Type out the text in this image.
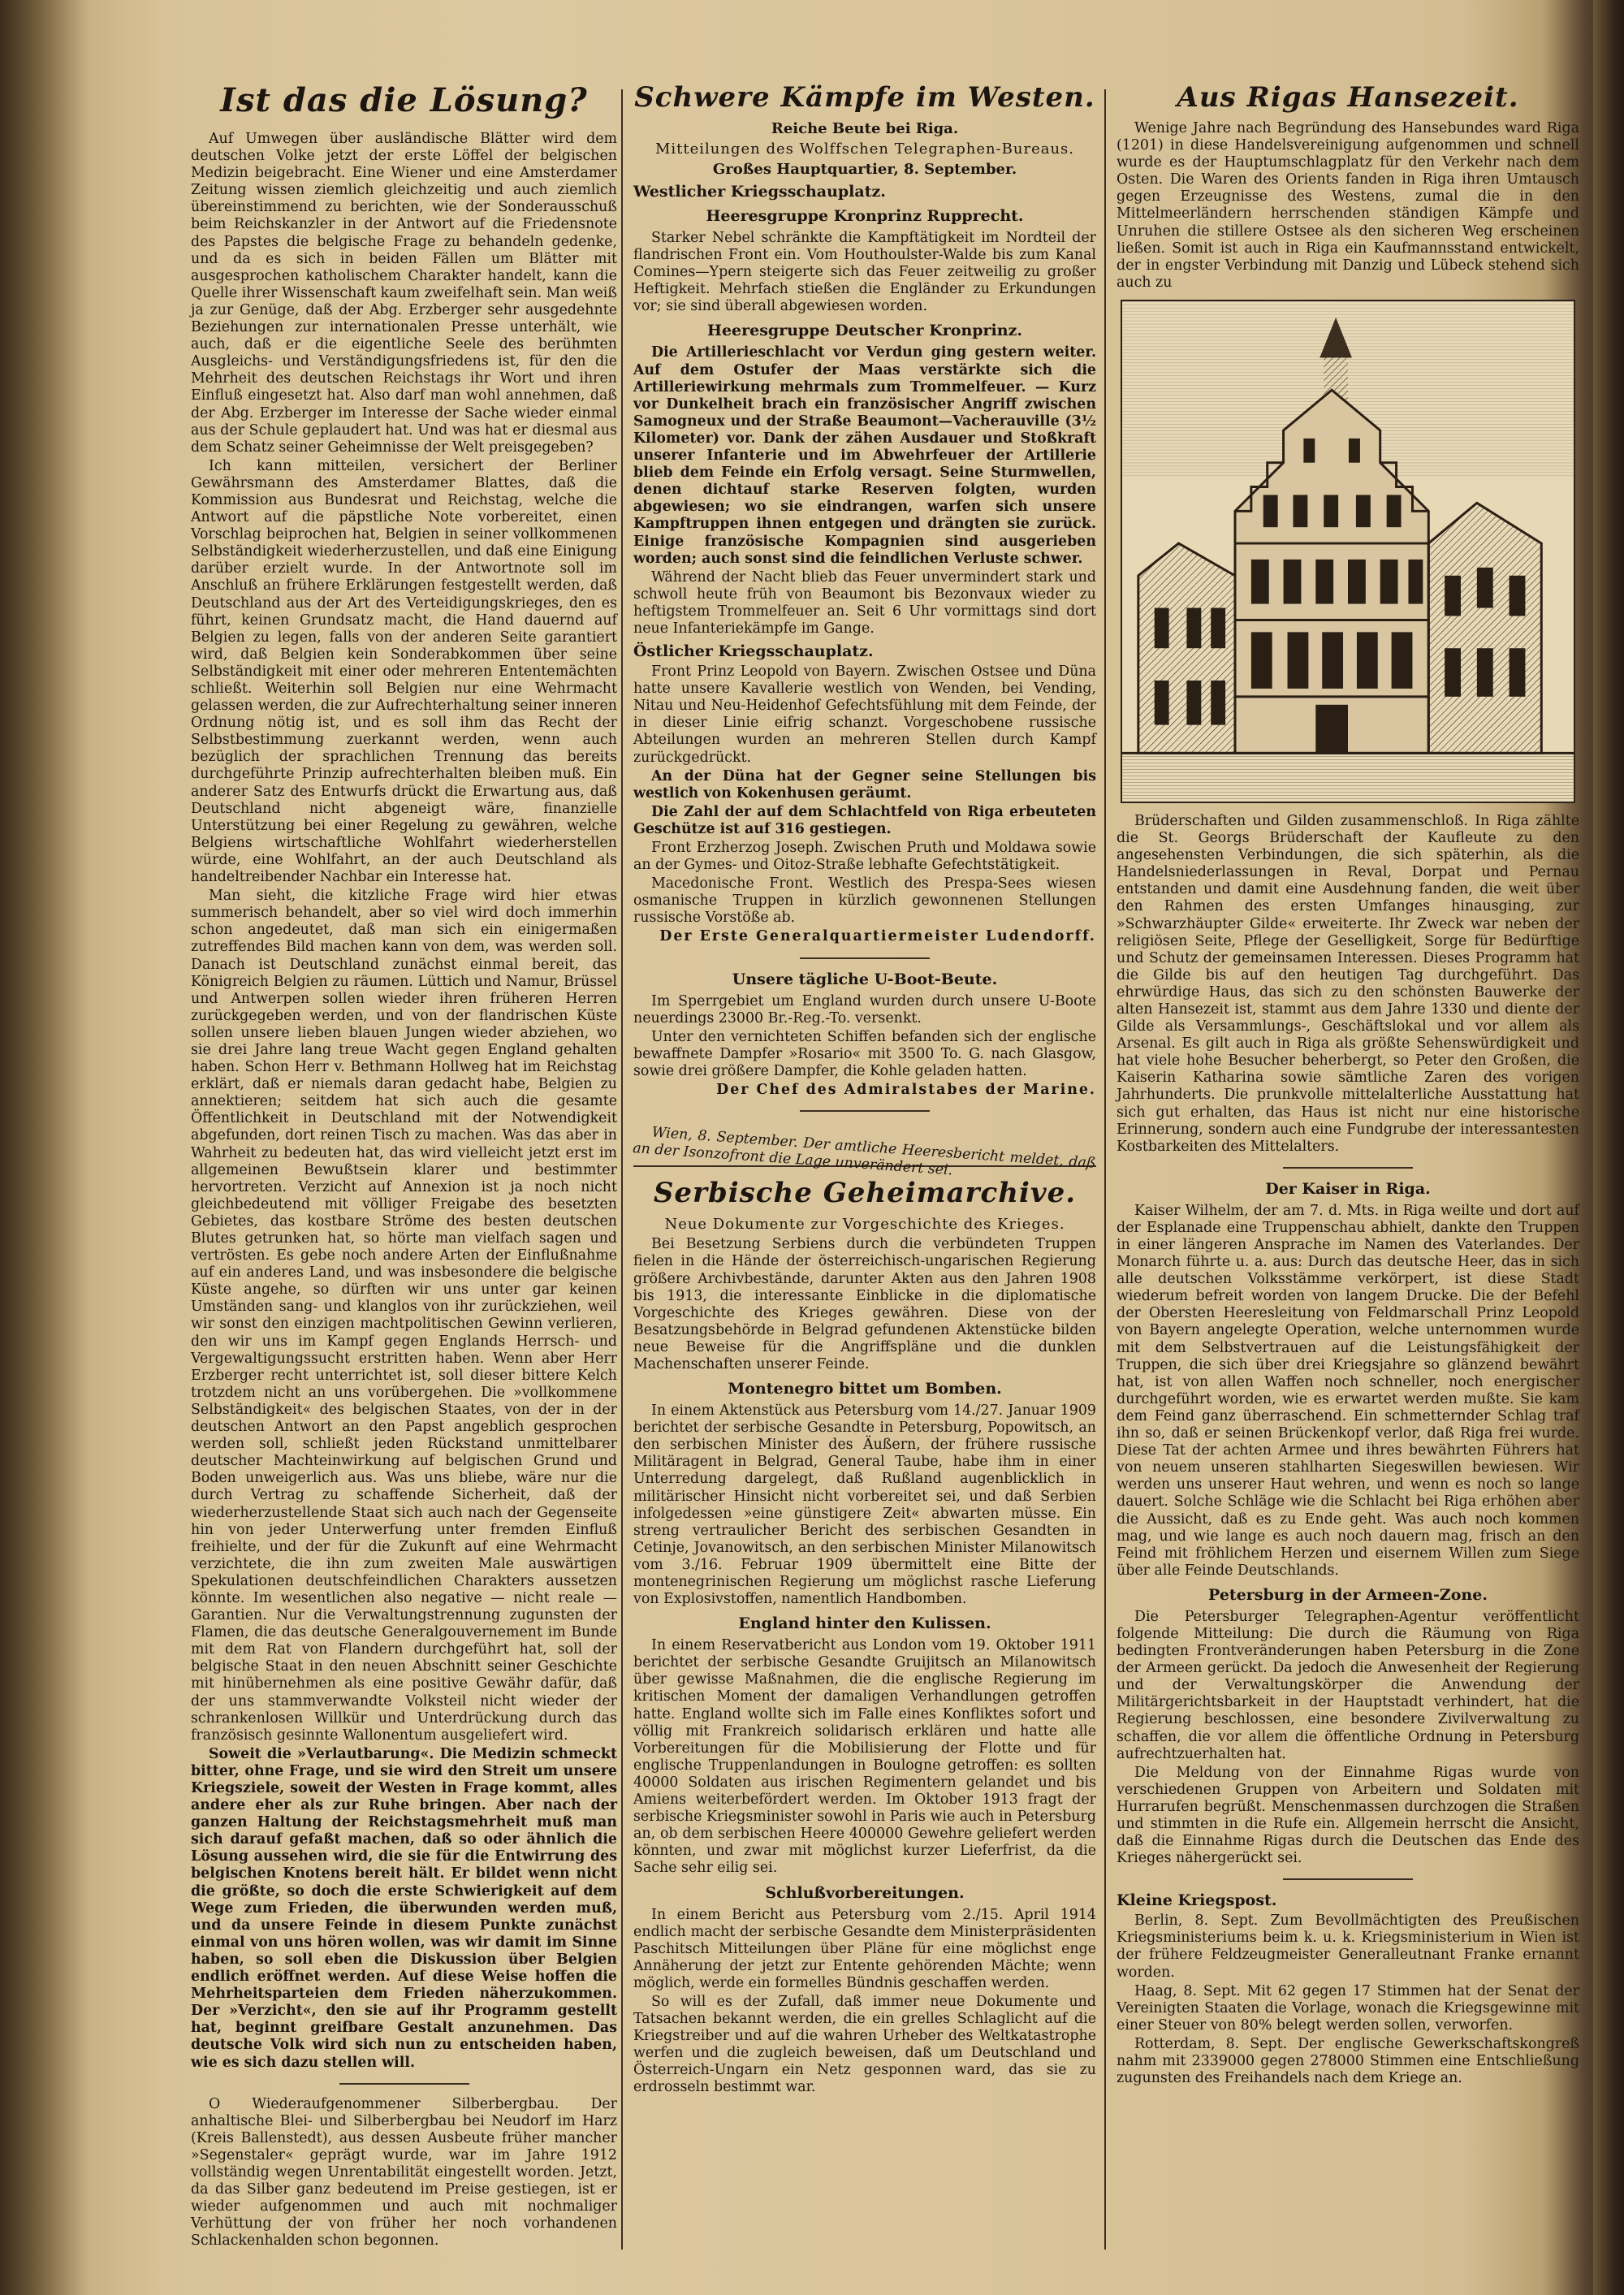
Ist das die Lösung?

Auf Umwegen über ausländische Blätter wird dem deutschen Volke jetzt der erste Löffel der belgischen Medizin beigebracht. Eine Wiener und eine Amsterdamer Zeitung wissen ziemlich gleichzeitig und auch ziemlich übereinstimmend zu berichten, wie der Sonderausschuß beim Reichskanzler in der Antwort auf die Friedensnote des Papstes die belgische Frage zu behandeln gedenke, und da es sich in beiden Fällen um Blätter mit ausgesprochen katholischem Charakter handelt, kann die Quelle ihrer Wissenschaft kaum zweifelhaft sein. Man weiß ja zur Genüge, daß der Abg. Erzberger sehr ausgedehnte Beziehungen zur internationalen Presse unterhält, wie auch, daß er die eigentliche Seele des berühmten Ausgleichs- und Verständigungsfriedens ist, für den die Mehrheit des deutschen Reichstags ihr Wort und ihren Einfluß eingesetzt hat. Also darf man wohl annehmen, daß der Abg. Erzberger im Interesse der Sache wieder einmal aus der Schule geplaudert hat. Und was hat er diesmal aus dem Schatz seiner Geheimnisse der Welt preisgegeben?

Ich kann mitteilen, versichert der Berliner Gewährsmann des Amsterdamer Blattes, daß die Kommission aus Bundesrat und Reichstag, welche die Antwort auf die päpstliche Note vorbereitet, einen Vorschlag beiprochen hat, Belgien in seiner vollkommenen Selbständigkeit wiederherzustellen, und daß eine Einigung darüber erzielt wurde. In der Antwortnote soll im Anschluß an frühere Erklärungen festgestellt werden, daß Deutschland aus der Art des Verteidigungskrieges, den es führt, keinen Grundsatz macht, die Hand dauernd auf Belgien zu legen, falls von der anderen Seite garantiert wird, daß Belgien kein Sonderabkommen über seine Selbständigkeit mit einer oder mehreren Ententemächten schließt. Weiterhin soll Belgien nur eine Wehrmacht gelassen werden, die zur Aufrechterhaltung seiner inneren Ordnung nötig ist, und es soll ihm das Recht der Selbstbestimmung zuerkannt werden, wenn auch bezüglich der sprachlichen Trennung das bereits durchgeführte Prinzip aufrechterhalten bleiben muß. Ein anderer Satz des Entwurfs drückt die Erwartung aus, daß Deutschland nicht abgeneigt wäre, finanzielle Unterstützung bei einer Regelung zu gewähren, welche Belgiens wirtschaftliche Wohlfahrt wiederherstellen würde, eine Wohlfahrt, an der auch Deutschland als handeltreibender Nachbar ein Interesse hat.

Man sieht, die kitzliche Frage wird hier etwas summerisch behandelt, aber so viel wird doch immerhin schon angedeutet, daß man sich ein einigermaßen zutreffendes Bild machen kann von dem, was werden soll. Danach ist Deutschland zunächst einmal bereit, das Königreich Belgien zu räumen. Lüttich und Namur, Brüssel und Antwerpen sollen wieder ihren früheren Herren zurückgegeben werden, und von der flandrischen Küste sollen unsere lieben blauen Jungen wieder abziehen, wo sie drei Jahre lang treue Wacht gegen England gehalten haben. Schon Herr v. Bethmann Hollweg hat im Reichstag erklärt, daß er niemals daran gedacht habe, Belgien zu annektieren; seitdem hat sich auch die gesamte Öffentlichkeit in Deutschland mit der Notwendigkeit abgefunden, dort reinen Tisch zu machen. Was das aber in Wahrheit zu bedeuten hat, das wird vielleicht jetzt erst im allgemeinen Bewußtsein klarer und bestimmter hervortreten. Verzicht auf Annexion ist ja noch nicht gleichbedeutend mit völliger Freigabe des besetzten Gebietes, das kostbare Ströme des besten deutschen Blutes getrunken hat, so hörte man vielfach sagen und vertrösten. Es gebe noch andere Arten der Einflußnahme auf ein anderes Land, und was insbesondere die belgische Küste angehe, so dürften wir uns unter gar keinen Umständen sang- und klanglos von ihr zurückziehen, weil wir sonst den einzigen machtpolitischen Gewinn verlieren, den wir uns im Kampf gegen Englands Herrsch- und Vergewaltigungssucht erstritten haben. Wenn aber Herr Erzberger recht unterrichtet ist, soll dieser bittere Kelch trotzdem nicht an uns vorübergehen. Die »vollkommene Selbständigkeit« des belgischen Staates, von der in der deutschen Antwort an den Papst angeblich gesprochen werden soll, schließt jeden Rückstand unmittelbarer deutscher Machteinwirkung auf belgischen Grund und Boden unweigerlich aus. Was uns bliebe, wäre nur die durch Vertrag zu schaffende Sicherheit, daß der wiederherzustellende Staat sich auch nach der Gegenseite hin von jeder Unterwerfung unter fremden Einfluß freihielte, und der für die Zukunft auf eine Wehrmacht verzichtete, die ihn zum zweiten Male auswärtigen Spekulationen deutschfeindlichen Charakters aussetzen könnte. Im wesentlichen also negative — nicht reale — Garantien. Nur die Verwaltungstrennung zugunsten der Flamen, die das deutsche Generalgouvernement im Bunde mit dem Rat von Flandern durchgeführt hat, soll der belgische Staat in den neuen Abschnitt seiner Geschichte mit hinübernehmen als eine positive Gewähr dafür, daß der uns stammverwandte Volksteil nicht wieder der schrankenlosen Willkür und Unterdrückung durch das französisch gesinnte Wallonentum ausgeliefert wird.

Soweit die »Verlautbarung«. Die Medizin schmeckt bitter, ohne Frage, und sie wird den Streit um unsere Kriegsziele, soweit der Westen in Frage kommt, alles andere eher als zur Ruhe bringen. Aber nach der ganzen Haltung der Reichstagsmehrheit muß man sich darauf gefaßt machen, daß so oder ähnlich die Lösung aussehen wird, die sie für die Entwirrung des belgischen Knotens bereit hält. Er bildet wenn nicht die größte, so doch die erste Schwierigkeit auf dem Wege zum Frieden, die überwunden werden muß, und da unsere Feinde in diesem Punkte zunächst einmal von uns hören wollen, was wir damit im Sinne haben, so soll eben die Diskussion über Belgien endlich eröffnet werden. Auf diese Weise hoffen die Mehrheitsparteien dem Frieden näherzukommen. Der »Verzicht«, den sie auf ihr Programm gestellt hat, beginnt greifbare Gestalt anzunehmen. Das deutsche Volk wird sich nun zu entscheiden haben, wie es sich dazu stellen will.

O Wiederaufgenommener Silberbergbau. Der anhaltische Blei- und Silberbergbau bei Neudorf im Harz (Kreis Ballenstedt), aus dessen Ausbeute früher mancher »Segenstaler« geprägt wurde, war im Jahre 1912 vollständig wegen Unrentabilität eingestellt worden. Jetzt, da das Silber ganz bedeutend im Preise gestiegen, ist er wieder aufgenommen und auch mit nochmaliger Verhüttung der von früher her noch vorhandenen Schlackenhalden schon begonnen.

Schwere Kämpfe im Westen.
Reiche Beute bei Riga.
Mitteilungen des Wolffschen Telegraphen-Bureaus.
Großes Hauptquartier, 8. September.
Westlicher Kriegsschauplatz.
Heeresgruppe Kronprinz Rupprecht.

Starker Nebel schränkte die Kampftätigkeit im Nordteil der flandrischen Front ein. Vom Houthoulster-Walde bis zum Kanal Comines—Ypern steigerte sich das Feuer zeitweilig zu großer Heftigkeit. Mehrfach stießen die Engländer zu Erkundungen vor; sie sind überall abgewiesen worden.

Heeresgruppe Deutscher Kronprinz.

Die Artillerieschlacht vor Verdun ging gestern weiter. Auf dem Ostufer der Maas verstärkte sich die Artilleriewirkung mehrmals zum Trommelfeuer. — Kurz vor Dunkelheit brach ein französischer Angriff zwischen Samogneux und der Straße Beaumont—Vacherauville (3½ Kilometer) vor. Dank der zähen Ausdauer und Stoßkraft unserer Infanterie und im Abwehrfeuer der Artillerie blieb dem Feinde ein Erfolg versagt. Seine Sturmwellen, denen dichtauf starke Reserven folgten, wurden abgewiesen; wo sie eindrangen, warfen sich unsere Kampftruppen ihnen entgegen und drängten sie zurück. Einige französische Kompagnien sind ausgerieben worden; auch sonst sind die feindlichen Verluste schwer.

Während der Nacht blieb das Feuer unvermindert stark und schwoll heute früh von Beaumont bis Bezonvaux wieder zu heftigstem Trommelfeuer an. Seit 6 Uhr vormittags sind dort neue Infanteriekämpfe im Gange.

Östlicher Kriegsschauplatz.

Front Prinz Leopold von Bayern. Zwischen Ostsee und Düna hatte unsere Kavallerie westlich von Wenden, bei Vending, Nitau und Neu-Heidenhof Gefechtsfühlung mit dem Feinde, der in dieser Linie eifrig schanzt. Vorgeschobene russische Abteilungen wurden an mehreren Stellen durch Kampf zurückgedrückt.

An der Düna hat der Gegner seine Stellungen bis westlich von Kokenhusen geräumt.

Die Zahl der auf dem Schlachtfeld von Riga erbeuteten Geschütze ist auf 316 gestiegen.

Front Erzherzog Joseph. Zwischen Pruth und Moldawa sowie an der Gymes- und Oitoz-Straße lebhafte Gefechtstätigkeit.

Macedonische Front. Westlich des Prespa-Sees wiesen osmanische Truppen in kürzlich gewonnenen Stellungen russische Vorstöße ab.

Der Erste Generalquartiermeister Ludendorff.

Unsere tägliche U-Boot-Beute.

Im Sperrgebiet um England wurden durch unsere U-Boote neuerdings 23000 Br.-Reg.-To. versenkt.

Unter den vernichteten Schiffen befanden sich der englische bewaffnete Dampfer »Rosario« mit 3500 To. G. nach Glasgow, sowie drei größere Dampfer, die Kohle geladen hatten.

Der Chef des Admiralstabes der Marine.

Wien, 8. September. Der amtliche Heeresbericht meldet, daß an der Isonzofront die Lage unverändert sei.

Serbische Geheimarchive.
Neue Dokumente zur Vorgeschichte des Krieges.

Bei Besetzung Serbiens durch die verbündeten Truppen fielen in die Hände der österreichisch-ungarischen Regierung größere Archivbestände, darunter Akten aus den Jahren 1908 bis 1913, die interessante Einblicke in die diplomatische Vorgeschichte des Krieges gewähren. Diese von der Besatzungsbehörde in Belgrad gefundenen Aktenstücke bilden neue Beweise für die Angriffspläne und die dunklen Machenschaften unserer Feinde.

Montenegro bittet um Bomben.

In einem Aktenstück aus Petersburg vom 14./27. Januar 1909 berichtet der serbische Gesandte in Petersburg, Popowitsch, an den serbischen Minister des Äußern, der frühere russische Militäragent in Belgrad, General Taube, habe ihm in einer Unterredung dargelegt, daß Rußland augenblicklich in militärischer Hinsicht nicht vorbereitet sei, und daß Serbien infolgedessen »eine günstigere Zeit« abwarten müsse. Ein streng vertraulicher Bericht des serbischen Gesandten in Cetinje, Jovanowitsch, an den serbischen Minister Milanowitsch vom 3./16. Februar 1909 übermittelt eine Bitte der montenegrinischen Regierung um möglichst rasche Lieferung von Explosivstoffen, namentlich Handbomben.

England hinter den Kulissen.

In einem Reservatbericht aus London vom 19. Oktober 1911 berichtet der serbische Gesandte Gruijitsch an Milanowitsch über gewisse Maßnahmen, die die englische Regierung im kritischen Moment der damaligen Verhandlungen getroffen hatte. England wollte sich im Falle eines Konfliktes sofort und völlig mit Frankreich solidarisch erklären und hatte alle Vorbereitungen für die Mobilisierung der Flotte und für englische Truppenlandungen in Boulogne getroffen: es sollten 40000 Soldaten aus irischen Regimentern gelandet und bis Amiens weiterbefördert werden. Im Oktober 1913 fragt der serbische Kriegsminister sowohl in Paris wie auch in Petersburg an, ob dem serbischen Heere 400000 Gewehre geliefert werden könnten, und zwar mit möglichst kurzer Lieferfrist, da die Sache sehr eilig sei.

Schlußvorbereitungen.

In einem Bericht aus Petersburg vom 2./15. April 1914 endlich macht der serbische Gesandte dem Ministerpräsidenten Paschitsch Mitteilungen über Pläne für eine möglichst enge Annäherung der jetzt zur Entente gehörenden Mächte; wenn möglich, werde ein formelles Bündnis geschaffen werden.

So will es der Zufall, daß immer neue Dokumente und Tatsachen bekannt werden, die ein grelles Schlaglicht auf die Kriegstreiber und auf die wahren Urheber des Weltkatastrophe werfen und die zugleich beweisen, daß um Deutschland und Österreich-Ungarn ein Netz gesponnen ward, das sie zu erdrosseln bestimmt war.

Aus Rigas Hansezeit.

Wenige Jahre nach Begründung des Hansebundes ward Riga (1201) in diese Handelsvereinigung aufgenommen und schnell wurde es der Hauptumschlagplatz für den Verkehr nach dem Osten. Die Waren des Orients fanden in Riga ihren Umtausch gegen Erzeugnisse des Westens, zumal die in den Mittelmeerländern herrschenden ständigen Kämpfe und Unruhen die stillere Ostsee als den sicheren Weg erscheinen ließen. Somit ist auch in Riga ein Kaufmannsstand entwickelt, der in engster Verbindung mit Danzig und Lübeck stehend sich auch zu

Brüderschaften und Gilden zusammenschloß. In Riga zählte die St. Georgs Brüderschaft der Kaufleute zu den angesehensten Verbindungen, die sich späterhin, als die Handelsniederlassungen in Reval, Dorpat und Pernau entstanden und damit eine Ausdehnung fanden, die weit über den Rahmen des ersten Umfanges hinausging, zur »Schwarzhäupter Gilde« erweiterte. Ihr Zweck war neben der religiösen Seite, Pflege der Geselligkeit, Sorge für Bedürftige und Schutz der gemeinsamen Interessen. Dieses Programm hat die Gilde bis auf den heutigen Tag durchgeführt. Das ehrwürdige Haus, das sich zu den schönsten Bauwerke der alten Hansezeit ist, stammt aus dem Jahre 1330 und diente der Gilde als Versammlungs-, Geschäftslokal und vor allem als Arsenal. Es gilt auch in Riga als größte Sehenswürdigkeit und hat viele hohe Besucher beherbergt, so Peter den Großen, die Kaiserin Katharina sowie sämtliche Zaren des vorigen Jahrhunderts. Die prunkvolle mittelalterliche Ausstattung hat sich gut erhalten, das Haus ist nicht nur eine historische Erinnerung, sondern auch eine Fundgrube der interessantesten Kostbarkeiten des Mittelalters.

Der Kaiser in Riga.

Kaiser Wilhelm, der am 7. d. Mts. in Riga weilte und dort auf der Esplanade eine Truppenschau abhielt, dankte den Truppen in einer längeren Ansprache im Namen des Vaterlandes. Der Monarch führte u. a. aus: Durch das deutsche Heer, das in sich alle deutschen Volksstämme verkörpert, ist diese Stadt wiederum befreit worden von langem Drucke. Die der Befehl der Obersten Heeresleitung von Feldmarschall Prinz Leopold von Bayern angelegte Operation, welche unternommen wurde mit dem Selbstvertrauen auf die Leistungsfähigkeit der Truppen, die sich über drei Kriegsjahre so glänzend bewährt hat, ist von allen Waffen noch schneller, noch energischer durchgeführt worden, wie es erwartet werden mußte. Sie kam dem Feind ganz überraschend. Ein schmetternder Schlag traf ihn so, daß er seinen Brückenkopf verlor, daß Riga frei wurde. Diese Tat der achten Armee und ihres bewährten Führers hat von neuem unseren stahlharten Siegeswillen bewiesen. Wir werden uns unserer Haut wehren, und wenn es noch so lange dauert. Solche Schläge wie die Schlacht bei Riga erhöhen aber die Aussicht, daß es zu Ende geht. Was auch noch kommen mag, und wie lange es auch noch dauern mag, frisch an den Feind mit fröhlichem Herzen und eisernem Willen zum Siege über alle Feinde Deutschlands.

Petersburg in der Armeen-Zone.

Die Petersburger Telegraphen-Agentur veröffentlicht folgende Mitteilung: Die durch die Räumung von Riga bedingten Frontveränderungen haben Petersburg in die Zone der Armeen gerückt. Da jedoch die Anwesenheit der Regierung und der Verwaltungskörper die Anwendung der Militärgerichtsbarkeit in der Hauptstadt verhindert, hat die Regierung beschlossen, eine besondere Zivilverwaltung zu schaffen, die vor allem die öffentliche Ordnung in Petersburg aufrechtzuerhalten hat.

Die Meldung von der Einnahme Rigas wurde von verschiedenen Gruppen von Arbeitern und Soldaten mit Hurrarufen begrüßt. Menschenmassen durchzogen die Straßen und stimmten in die Rufe ein. Allgemein herrscht die Ansicht, daß die Einnahme Rigas durch die Deutschen das Ende des Krieges nähergerückt sei.

Kleine Kriegspost.

Berlin, 8. Sept. Zum Bevollmächtigten des Preußischen Kriegsministeriums beim k. u. k. Kriegsministerium in Wien ist der frühere Feldzeugmeister Generalleutnant Franke ernannt worden.

Haag, 8. Sept. Mit 62 gegen 17 Stimmen hat der Senat der Vereinigten Staaten die Vorlage, wonach die Kriegsgewinne mit einer Steuer von 80% belegt werden sollen, verworfen.

Rotterdam, 8. Sept. Der englische Gewerkschaftskongreß nahm mit 2339000 gegen 278000 Stimmen eine Entschließung zugunsten des Freihandels nach dem Kriege an.
